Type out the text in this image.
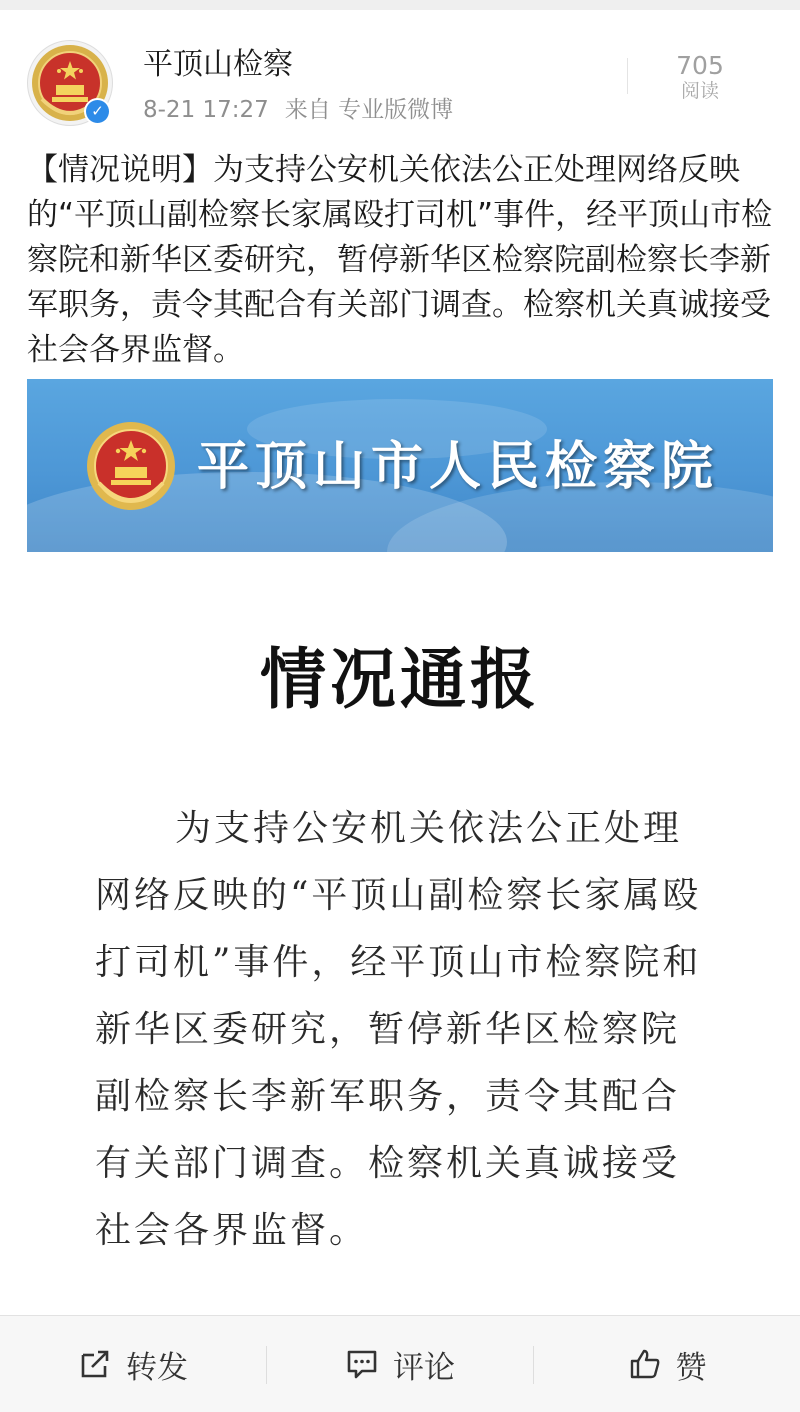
✓
平顶山检察
8-21 17:27 来自 专业版微博
705
阅读
【情况说明】为支持公安机关依法公正处理网络反映的“平顶山副检察长家属殴打司机”事件，经平顶山市检察院和新华区委研究，暂停新华区检察院副检察长李新军职务，责令其配合有关部门调查。检察机关真诚接受社会各界监督。
平顶山市人民检察院
情况通报
为支持公安机关依法公正处理网络反映的“平顶山副检察长家属殴打司机”事件，经平顶山市检察院和新华区委研究，暂停新华区检察院副检察长李新军职务，责令其配合有关部门调查。检察机关真诚接受社会各界监督。
转发	评论	赞
